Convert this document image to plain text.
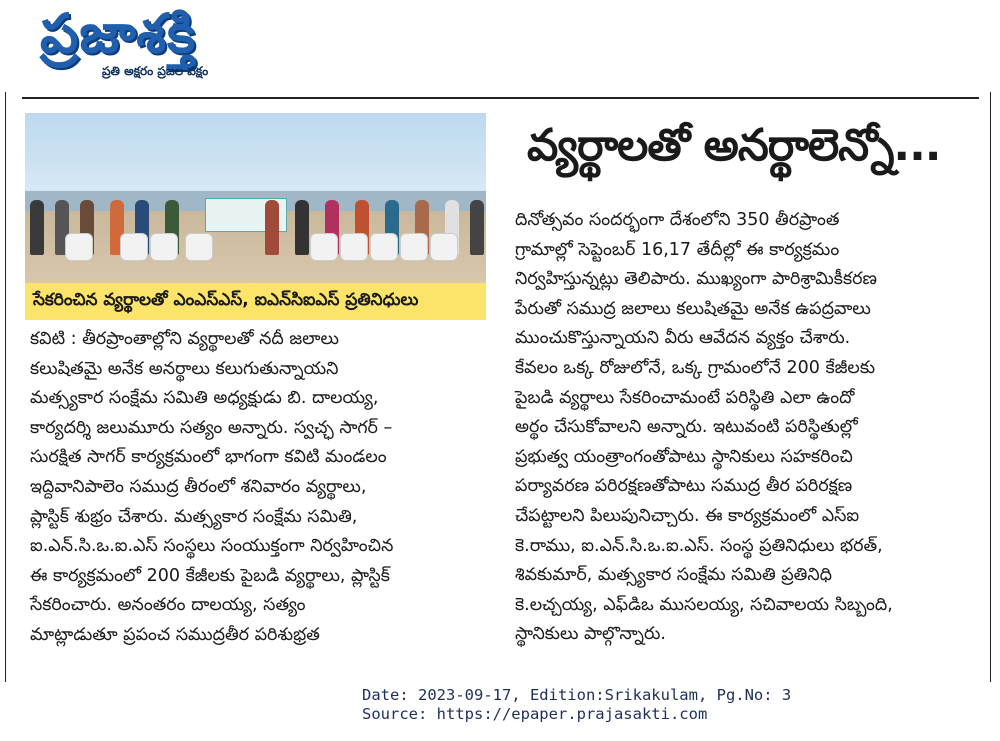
ప్రజాశక్తి
ప్రతి అక్షరం ప్రజల పక్షం
సేకరించిన వ్యర్థాలతో ఎంఎస్ఎస్, ఐఎన్‌సిఐఎస్ ప్రతినిధులు
వ్యర్థాలతో అనర్థాలెన్నో...
కవిటి : తీరప్రాంతాల్లోని వ్యర్థాలతో నదీ జలాలు
కలుషితమై అనేక అనర్థాలు కలుగుతున్నాయని
మత్స్యకార సంక్షేమ సమితి అధ్యక్షుడు బి. దాలయ్య,
కార్యదర్శి జలుమూరు సత్యం అన్నారు. స్వచ్ఛ సాగర్ –
సురక్షిత సాగర్ కార్యక్రమంలో భాగంగా కవిటి మండలం
ఇద్దివానిపాలెం సముద్ర తీరంలో శనివారం వ్యర్థాలు,
ప్లాస్టిక్ శుభ్రం చేశారు. మత్స్యకార సంక్షేమ సమితి,
ఐ.ఎన్.సి.ఒ.ఐ.ఎస్ సంస్థలు సంయుక్తంగా నిర్వహించిన
ఈ కార్యక్రమంలో 200 కేజీలకు పైబడి వ్యర్థాలు, ప్లాస్టిక్
సేకరించారు. అనంతరం దాలయ్య, సత్యం
మాట్లాడుతూ ప్రపంచ సముద్రతీర పరిశుభ్రత
దినోత్సవం సందర్భంగా దేశంలోని 350 తీరప్రాంత
గ్రామాల్లో సెప్టెంబర్ 16,17 తేదీల్లో ఈ కార్యక్రమం
నిర్వహిస్తున్నట్లు తెలిపారు. ముఖ్యంగా పారిశ్రామికీకరణ
పేరుతో సముద్ర జలాలు కలుషితమై అనేక ఉపద్రవాలు
ముంచుకొస్తున్నాయని వీరు ఆవేదన వ్యక్తం చేశారు.
కేవలం ఒక్క రోజులోనే, ఒక్క గ్రామంలోనే 200 కేజీలకు
పైబడి వ్యర్థాలు సేకరించామంటే పరిస్థితి ఎలా ఉందో
అర్థం చేసుకోవాలని అన్నారు. ఇటువంటి పరిస్థితుల్లో
ప్రభుత్వ యంత్రాంగంతోపాటు స్థానికులు సహకరించి
పర్యావరణ పరిరక్షణతోపాటు సముద్ర తీర పరిరక్షణ
చేపట్టాలని పిలుపునిచ్చారు. ఈ కార్యక్రమంలో ఎస్ఐ
కె.రాము, ఐ.ఎన్.సి.ఒ.ఐ.ఎస్. సంస్థ ప్రతినిధులు భరత్,
శివకుమార్, మత్స్యకార సంక్షేమ సమితి ప్రతినిధి
కె.లచ్చయ్య, ఎఫ్‌డిఒ ముసలయ్య, సచివాలయ సిబ్బంది,
స్థానికులు పాల్గొన్నారు.
Date: 2023-09-17, Edition:Srikakulam, Pg.No: 3
Source: https://epaper.prajasakti.com
